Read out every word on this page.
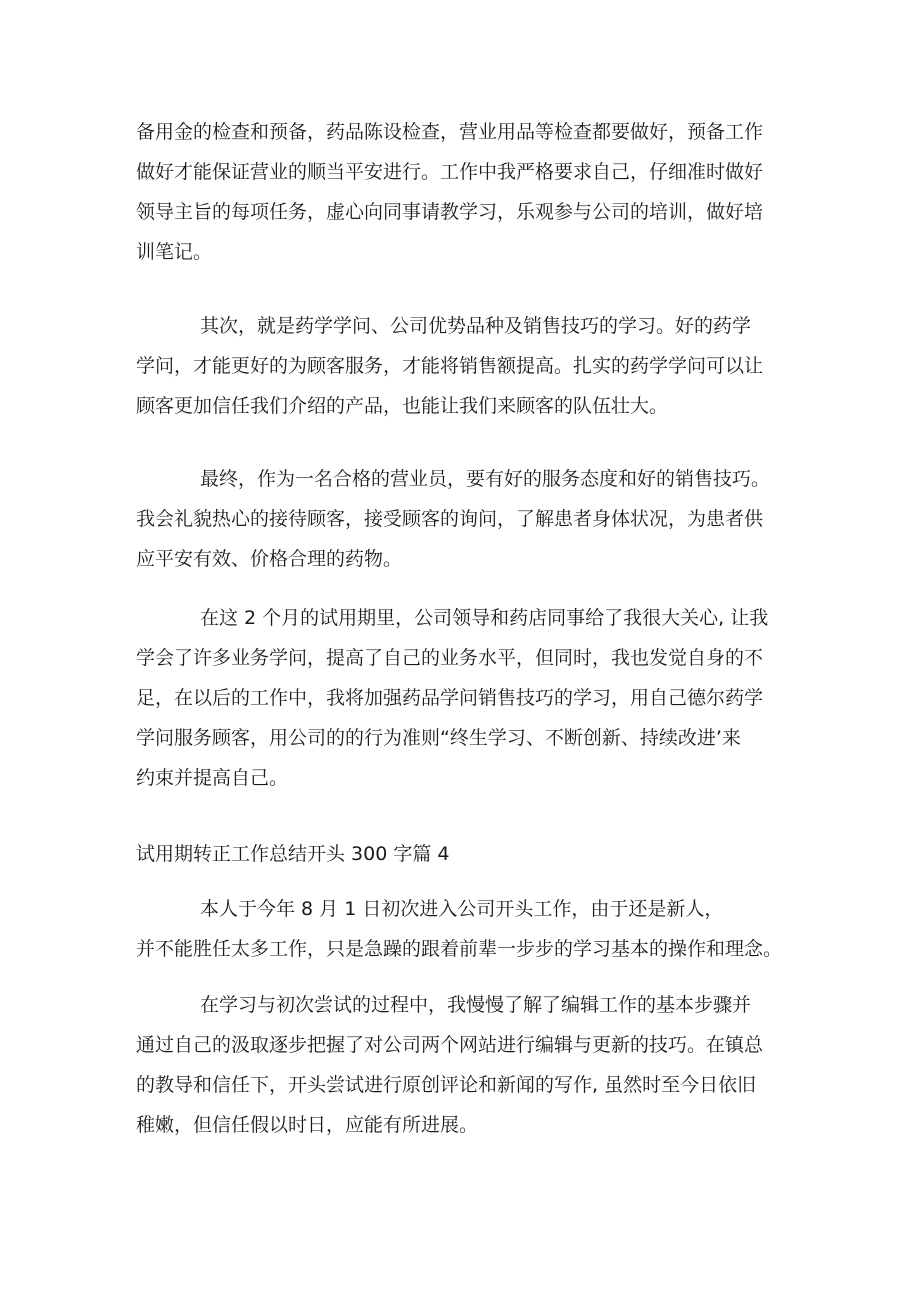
备用金的检查和预备，药品陈设检查，营业用品等检查都要做好，预备工作
做好才能保证营业的顺当平安进行。工作中我严格要求自己，仔细准时做好
领导主旨的每项任务，虚心向同事请教学习，乐观参与公司的培训，做好培
训笔记。

其次，就是药学学问、公司优势品种及销售技巧的学习。好的药学
学问，才能更好的为顾客服务，才能将销售额提高。扎实的药学学问可以让
顾客更加信任我们介绍的产品，也能让我们来顾客的队伍壮大。

最终，作为一名合格的营业员，要有好的服务态度和好的销售技巧。
我会礼貌热心的接待顾客，接受顾客的询问，了解患者身体状况，为患者供
应平安有效、价格合理的药物。

在这 2 个月的试用期里，公司领导和药店同事给了我很大关心, 让我
学会了许多业务学问，提高了自己的业务水平，但同时，我也发觉自身的不
足，在以后的工作中，我将加强药品学问销售技巧的学习，用自己德尔药学
学问服务顾客，用公司的的行为准则“终生学习、不断创新、持续改进’来
约束并提高自己。

试用期转正工作总结开头 300 字篇 4

本人于今年 8 月 1 日初次进入公司开头工作，由于还是新人，
并不能胜任太多工作，只是急躁的跟着前辈一步步的学习基本的操作和理念。

在学习与初次尝试的过程中，我慢慢了解了编辑工作的基本步骤并
通过自己的汲取逐步把握了对公司两个网站进行编辑与更新的技巧。在镇总
的教导和信任下，开头尝试进行原创评论和新闻的写作, 虽然时至今日依旧
稚嫩，但信任假以时日，应能有所进展。
